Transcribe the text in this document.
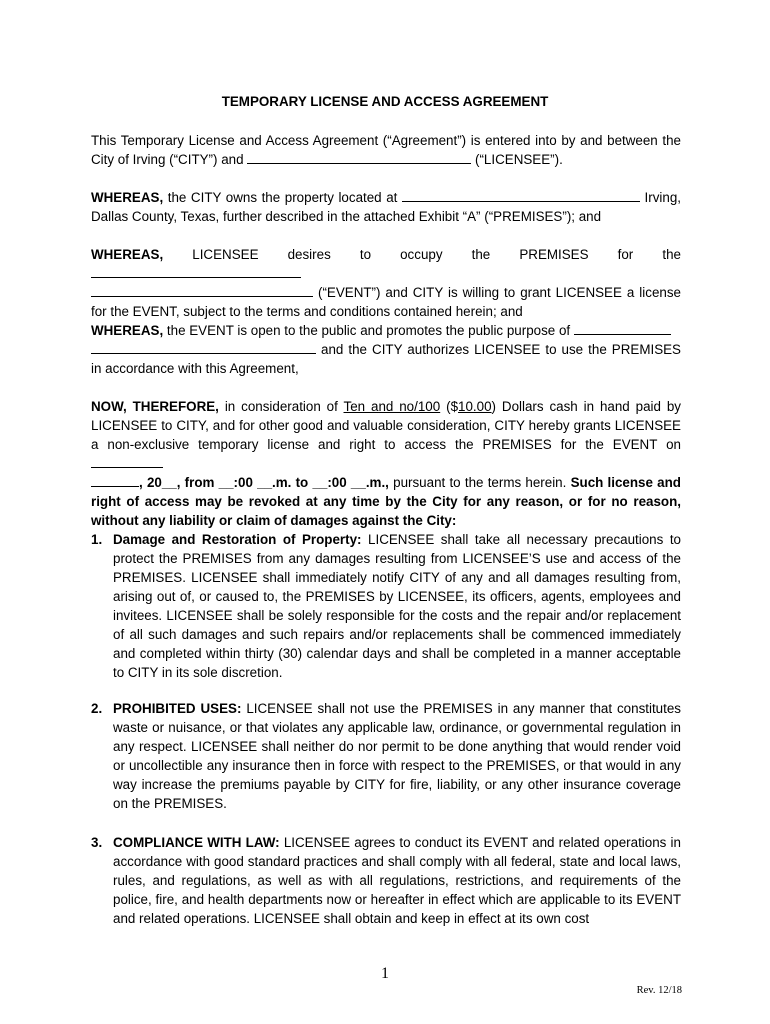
TEMPORARY LICENSE AND ACCESS AGREEMENT
This Temporary License and Access Agreement (“Agreement”) is entered into by and between the City of Irving (“CITY”) and	(“LICENSEE”).
WHEREAS, the CITY owns the property located at	Irving, Dallas County, Texas, further described in the attached Exhibit “A” (“PREMISES”); and
WHEREAS, LICENSEE desires to occupy the PREMISES for the
(“EVENT”) and CITY is willing to grant LICENSEE a license for the EVENT, subject to the terms and conditions contained herein; and
WHEREAS, the EVENT is open to the public and promotes the public purpose of
and the CITY authorizes LICENSEE to use the PREMISES in accordance with this Agreement,
NOW, THEREFORE, in consideration of Ten and no/100 ($10.00) Dollars cash in hand paid by LICENSEE to CITY, and for other good and valuable consideration, CITY hereby grants LICENSEE a non-exclusive temporary license and right to access the PREMISES for the EVENT on
, 20__, from __:00 __.m. to __:00 __.m., pursuant to the terms herein. Such license and right of access may be revoked at any time by the City for any reason, or for no reason, without any liability or claim of damages against the City:
1. Damage and Restoration of Property: LICENSEE shall take all necessary precautions to protect the PREMISES from any damages resulting from LICENSEE’S use and access of the PREMISES. LICENSEE shall immediately notify CITY of any and all damages resulting from, arising out of, or caused to, the PREMISES by LICENSEE, its officers, agents, employees and invitees. LICENSEE shall be solely responsible for the costs and the repair and/or replacement of all such damages and such repairs and/or replacements shall be commenced immediately and completed within thirty (30) calendar days and shall be completed in a manner acceptable to CITY in its sole discretion.
2. PROHIBITED USES: LICENSEE shall not use the PREMISES in any manner that constitutes waste or nuisance, or that violates any applicable law, ordinance, or governmental regulation in any respect. LICENSEE shall neither do nor permit to be done anything that would render void or uncollectible any insurance then in force with respect to the PREMISES, or that would in any way increase the premiums payable by CITY for fire, liability, or any other insurance coverage on the PREMISES.
3. COMPLIANCE WITH LAW: LICENSEE agrees to conduct its EVENT and related operations in accordance with good standard practices and shall comply with all federal, state and local laws, rules, and regulations, as well as with all regulations, restrictions, and requirements of the police, fire, and health departments now or hereafter in effect which are applicable to its EVENT and related operations. LICENSEE shall obtain and keep in effect at its own cost
1
Rev. 12/18
